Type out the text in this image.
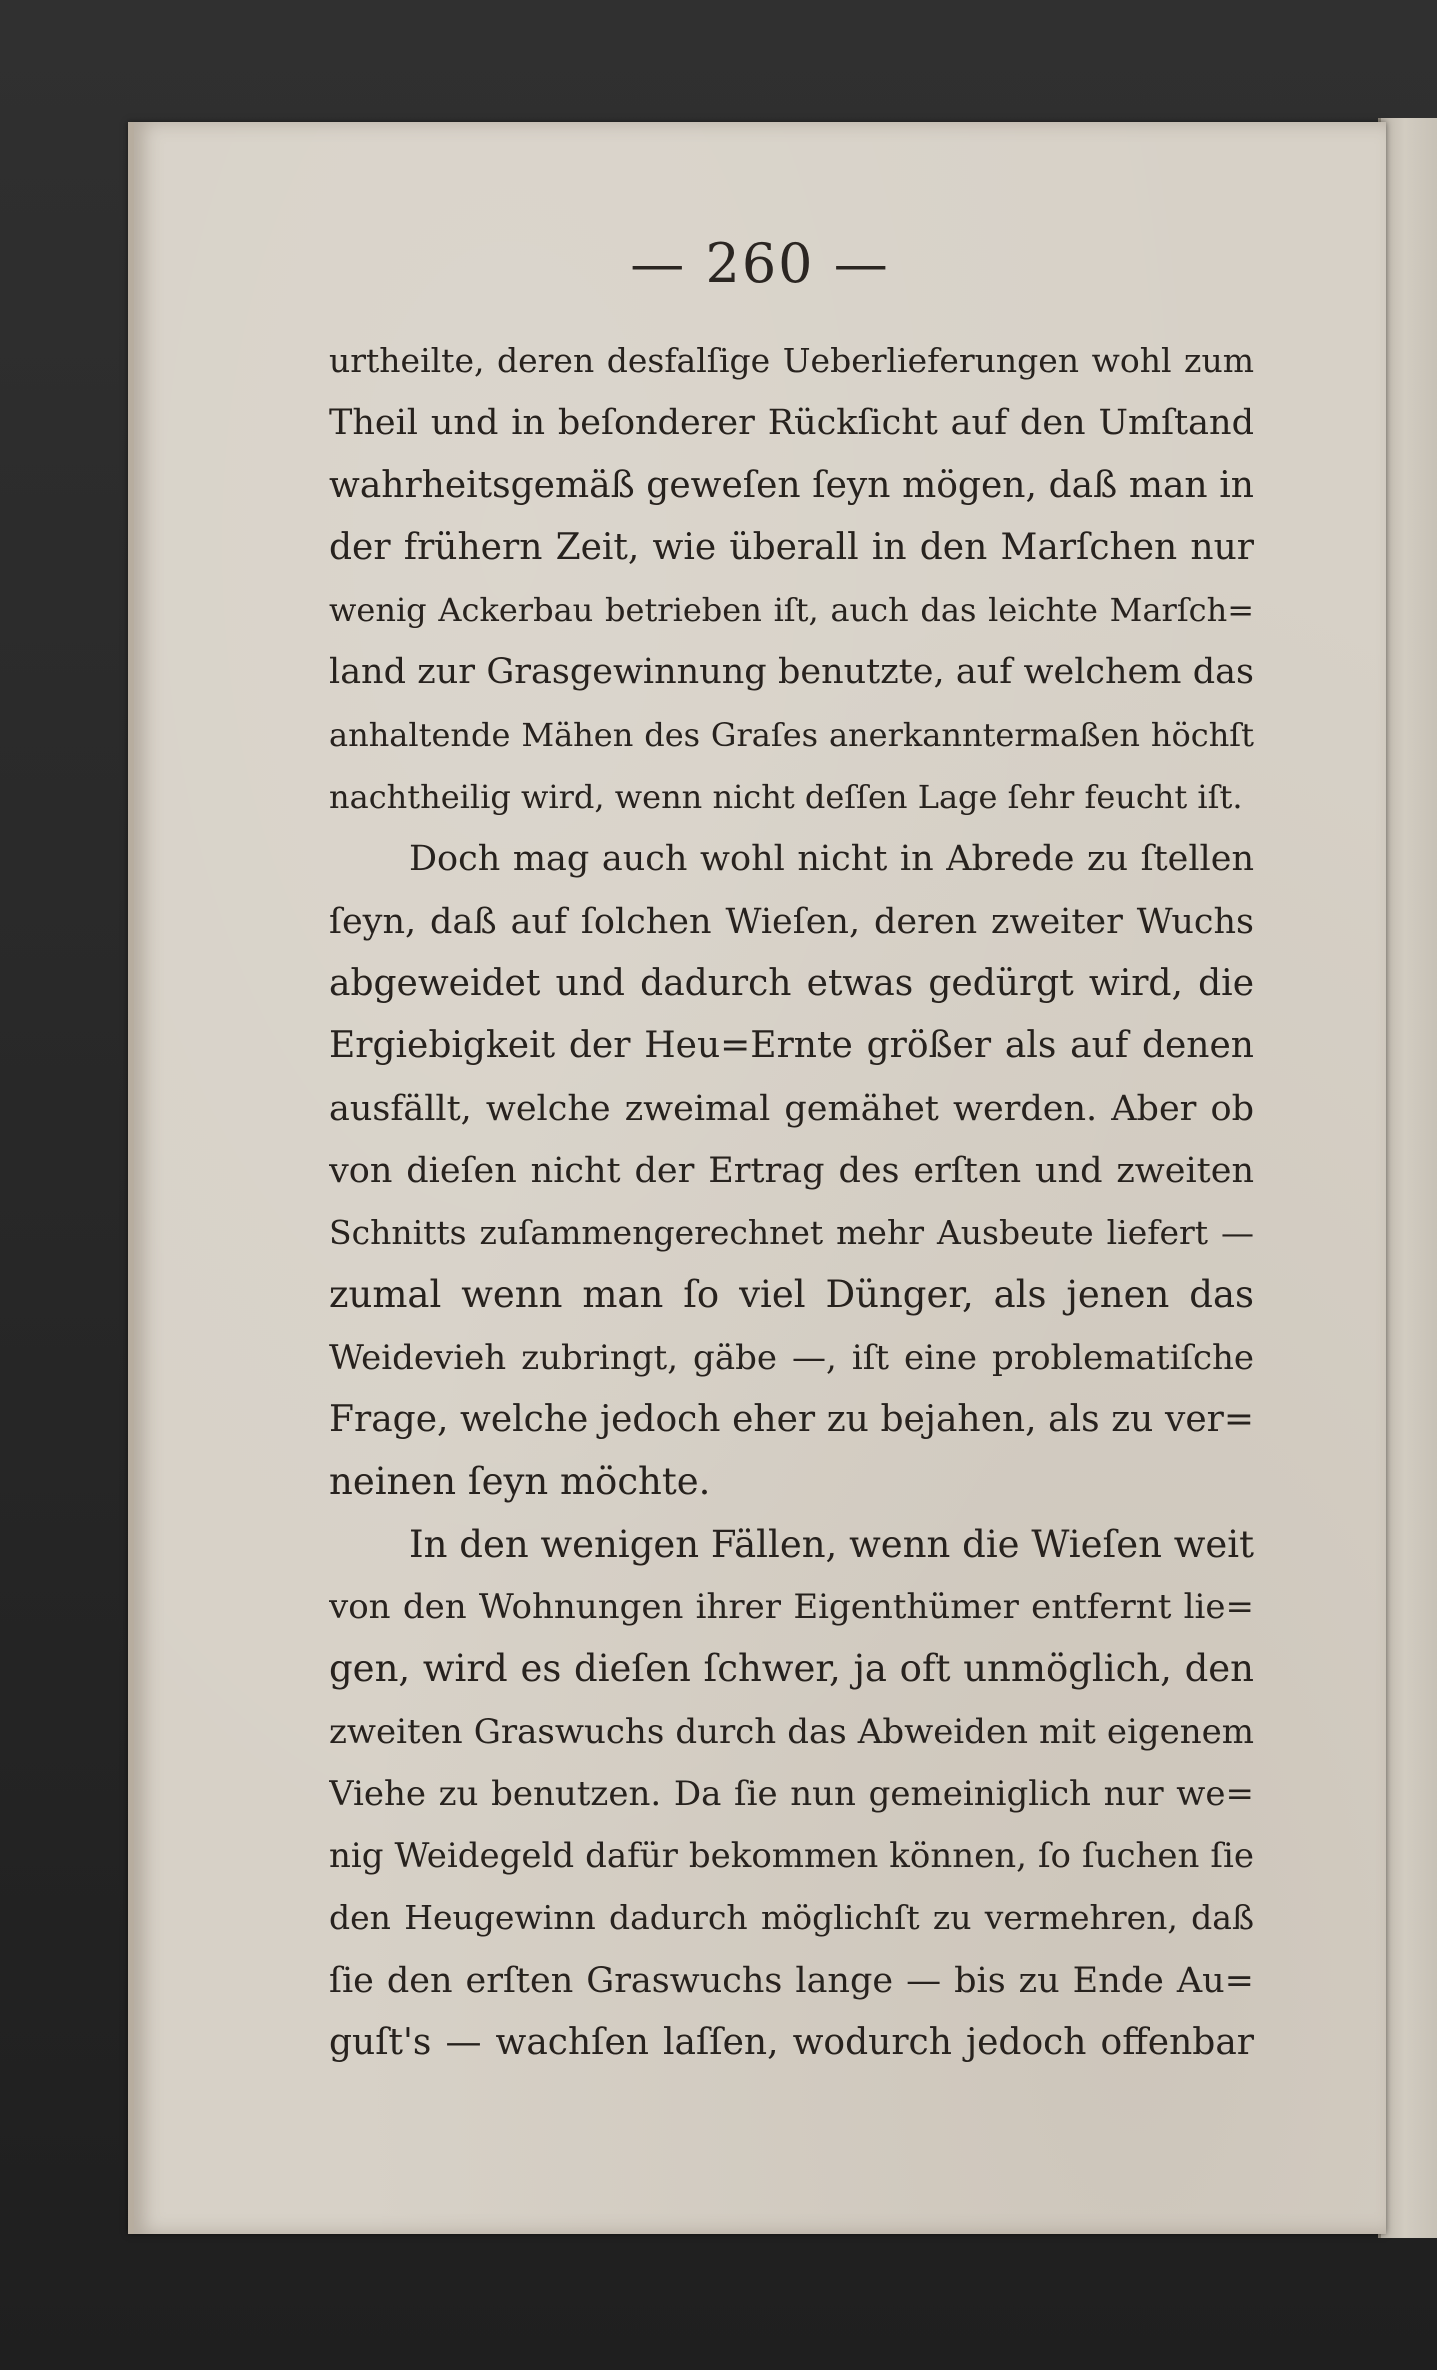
— 260 —
urtheilte, deren desfalſige Ueberlieferungen wohl zum
Theil und in beſonderer Rückſicht auf den Umſtand
wahrheitsgemäß geweſen ſeyn mögen, daß man in
der frühern Zeit, wie überall in den Marſchen nur
wenig Ackerbau betrieben iſt, auch das leichte Marſch=
land zur Grasgewinnung benutzte, auf welchem das
anhaltende Mähen des Graſes anerkanntermaßen höchſt
nachtheilig wird, wenn nicht deſſen Lage ſehr feucht iſt.
Doch mag auch wohl nicht in Abrede zu ſtellen
ſeyn, daß auf ſolchen Wieſen, deren zweiter Wuchs
abgeweidet und dadurch etwas gedürgt wird, die
Ergiebigkeit der Heu=Ernte größer als auf denen
ausfällt, welche zweimal gemähet werden. Aber ob
von dieſen nicht der Ertrag des erſten und zweiten
Schnitts zuſammengerechnet mehr Ausbeute liefert —
zumal wenn man ſo viel Dünger, als jenen das
Weidevieh zubringt, gäbe —, iſt eine problematiſche
Frage, welche jedoch eher zu bejahen, als zu ver=
neinen ſeyn möchte.
In den wenigen Fällen, wenn die Wieſen weit
von den Wohnungen ihrer Eigenthümer entfernt lie=
gen, wird es dieſen ſchwer, ja oft unmöglich, den
zweiten Graswuchs durch das Abweiden mit eigenem
Viehe zu benutzen. Da ſie nun gemeiniglich nur we=
nig Weidegeld dafür bekommen können, ſo ſuchen ſie
den Heugewinn dadurch möglichſt zu vermehren, daß
ſie den erſten Graswuchs lange — bis zu Ende Au=
guſt's — wachſen laſſen, wodurch jedoch offenbar
